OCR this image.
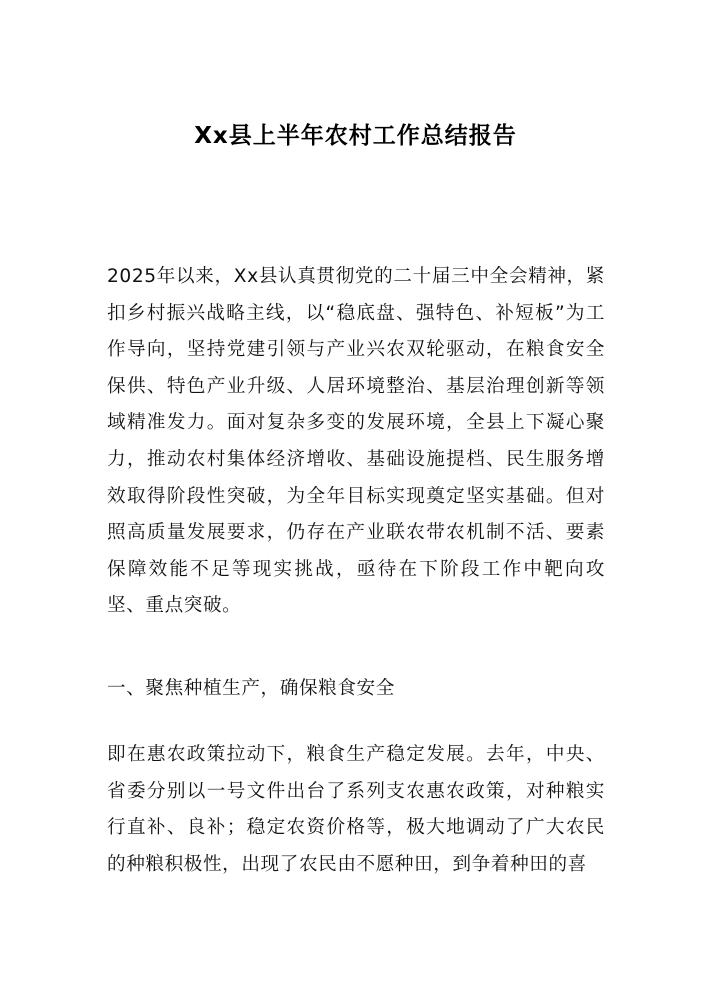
Xx县上半年农村工作总结报告

2025年以来，Xx县认真贯彻党的二十届三中全会精神，紧扣乡村振兴战略主线，以“稳底盘、强特色、补短板”为工作导向，坚持党建引领与产业兴农双轮驱动，在粮食安全保供、特色产业升级、人居环境整治、基层治理创新等领域精准发力。面对复杂多变的发展环境，全县上下凝心聚力，推动农村集体经济增收、基础设施提档、民生服务增效取得阶段性突破，为全年目标实现奠定坚实基础。但对照高质量发展要求，仍存在产业联农带农机制不活、要素保障效能不足等现实挑战，亟待在下阶段工作中靶向攻坚、重点突破。

一、聚焦种植生产，确保粮食安全

即在惠农政策拉动下，粮食生产稳定发展。去年，中央、省委分别以一号文件出台了系列支农惠农政策，对种粮实行直补、良补；稳定农资价格等，极大地调动了广大农民的种粮积极性，出现了农民由不愿种田，到争着种田的喜
